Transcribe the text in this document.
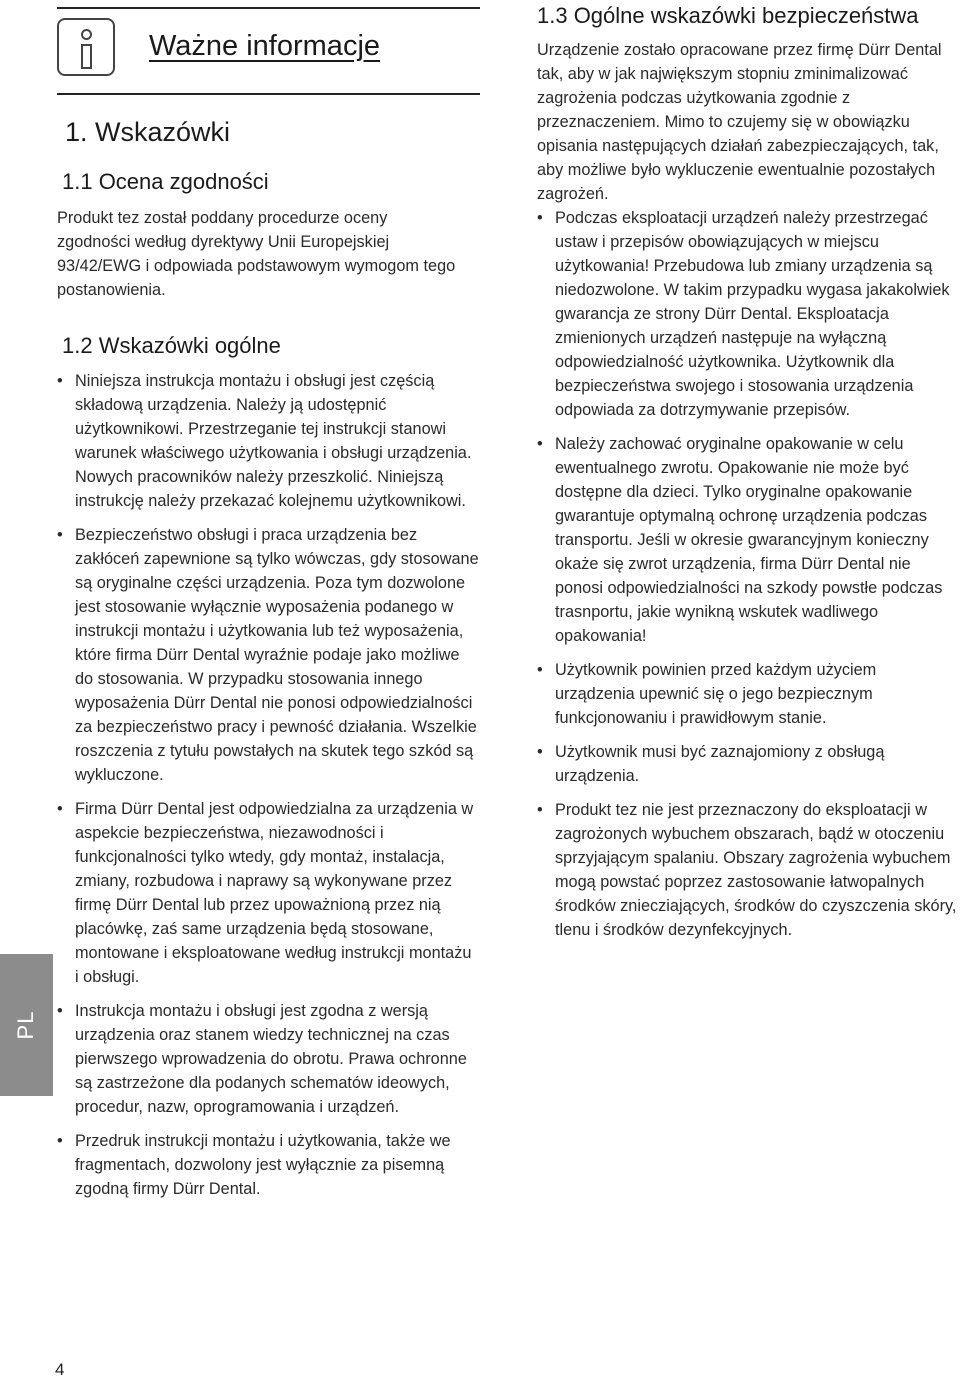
Ważne informacje
PL
1. Wskazówki
1.1 Ocena zgodności

Produkt tez został poddany procedurze oceny zgodności według dyrektywy Unii Europejskiej 93/42/EWG i odpowiada podstawowym wymogom tego postanowienia.

1.2 Wskazówki ogólne
• Niniejsza instrukcja montażu i obsługi jest częścią składową urządzenia. Należy ją udostępnić użytkownikowi. Przestrzeganie tej instrukcji stanowi warunek właściwego użytkowania i obsługi urządzenia. Nowych pracowników należy przeszkolić. Niniejszą instrukcję należy przekazać kolejnemu użytkownikowi.
• Bezpieczeństwo obsługi i praca urządzenia bez zakłóceń zapewnione są tylko wówczas, gdy stosowane są oryginalne części urządzenia. Poza tym dozwolone jest stosowanie wyłącznie wyposażenia podanego w instrukcji montażu i użytkowania lub też wyposażenia, które firma Dürr Dental wyraźnie podaje jako możliwe do stosowania. W przypadku stosowania innego wyposażenia Dürr Dental nie ponosi odpowiedzialności za bezpieczeństwo pracy i pewność działania. Wszelkie roszczenia z tytułu powstałych na skutek tego szkód są wykluczone.
• Firma Dürr Dental jest odpowiedzialna za urządzenia w aspekcie bezpieczeństwa, niezawodności i funkcjonalności tylko wtedy, gdy montaż, instalacja, zmiany, rozbudowa i naprawy są wykonywane przez firmę Dürr Dental lub przez upoważnioną przez nią placówkę, zaś same urządzenia będą stosowane, montowane i eksploatowane według instrukcji montażu i obsługi.
• Instrukcja montażu i obsługi jest zgodna z wersją urządzenia oraz stanem wiedzy technicznej na czas pierwszego wprowadzenia do obrotu. Prawa ochronne są zastrzeżone dla podanych schematów ideowych, procedur, nazw, oprogramowania i urządzeń.
• Przedruk instrukcji montażu i użytkowania, także we fragmentach, dozwolony jest wyłącznie za pisemną zgodną firmy Dürr Dental.
1.3 Ogólne wskazówki bezpieczeństwa

Urządzenie zostało opracowane przez firmę Dürr Dental tak, aby w jak największym stopniu zminimalizować zagrożenia podczas użytkowania zgodnie z przeznaczeniem. Mimo to czujemy się w obowiązku opisania następujących działań zabezpieczających, tak, aby możliwe było wykluczenie ewentualnie pozostałych zagrożeń.

• Podczas eksploatacji urządzeń należy przestrzegać ustaw i przepisów obowiązujących w miejscu użytkowania! Przebudowa lub zmiany urządzenia są niedozwolone. W takim przypadku wygasa jakakolwiek gwarancja ze strony Dürr Dental. Eksploatacja zmienionych urządzeń następuje na wyłączną odpowiedzialność użytkownika. Użytkownik dla bezpieczeństwa swojego i stosowania urządzenia odpowiada za dotrzymywanie przepisów.
• Należy zachować oryginalne opakowanie w celu ewentualnego zwrotu. Opakowanie nie może być dostępne dla dzieci. Tylko oryginalne opakowanie gwarantuje optymalną ochronę urządzenia podczas transportu. Jeśli w okresie gwarancyjnym konieczny okaże się zwrot urządzenia, firma Dürr Dental nie ponosi odpowiedzialności na szkody powstłe podczas trasnportu, jakie wynikną wskutek wadliwego opakowania!
• Użytkownik powinien przed każdym użyciem urządzenia upewnić się o jego bezpiecznym funkcjonowaniu i prawidłowym stanie.
• Użytkownik musi być zaznajomiony z obsługą urządzenia.
• Produkt tez nie jest przeznaczony do eksploatacji w zagrożonych wybuchem obszarach, bądź w otoczeniu sprzyjającym spalaniu. Obszary zagrożenia wybuchem mogą powstać poprzez zastosowanie łatwopalnych środków zniecziających, środków do czyszczenia skóry, tlenu i środków dezynfekcyjnych.
4
